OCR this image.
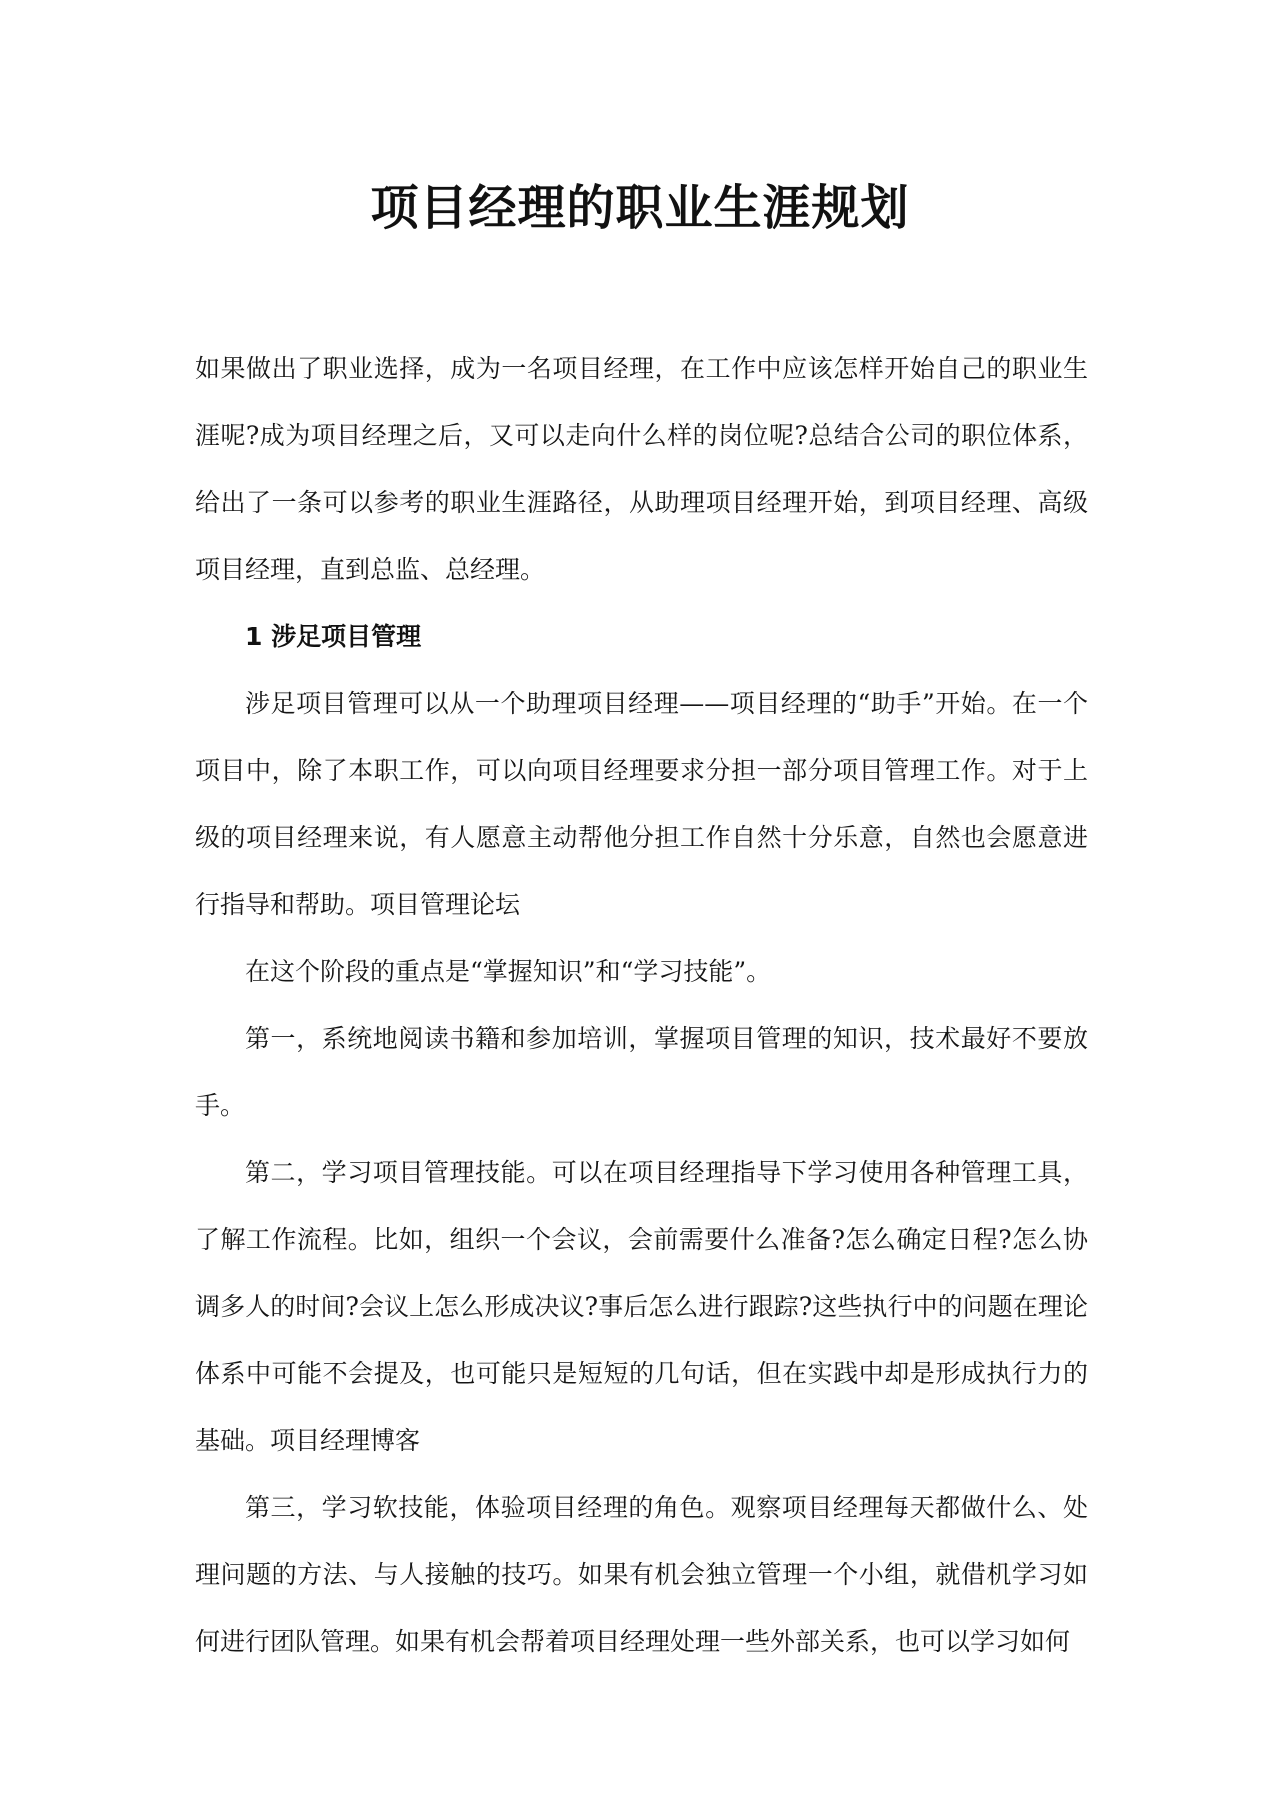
项目经理的职业生涯规划

如果做出了职业选择，成为一名项目经理，在工作中应该怎样开始自己的职业生涯呢?成为项目经理之后，又可以走向什么样的岗位呢?总结合公司的职位体系，给出了一条可以参考的职业生涯路径，从助理项目经理开始，到项目经理、高级项目经理，直到总监、总经理。

1 涉足项目管理

涉足项目管理可以从一个助理项目经理——项目经理的“助手”开始。在一个项目中，除了本职工作，可以向项目经理要求分担一部分项目管理工作。对于上级的项目经理来说，有人愿意主动帮他分担工作自然十分乐意，自然也会愿意进行指导和帮助。项目管理论坛

在这个阶段的重点是“掌握知识”和“学习技能”。

第一，系统地阅读书籍和参加培训，掌握项目管理的知识，技术最好不要放手。

第二，学习项目管理技能。可以在项目经理指导下学习使用各种管理工具，了解工作流程。比如，组织一个会议，会前需要什么准备?怎么确定日程?怎么协调多人的时间?会议上怎么形成决议?事后怎么进行跟踪?这些执行中的问题在理论体系中可能不会提及，也可能只是短短的几句话，但在实践中却是形成执行力的基础。项目经理博客

第三，学习软技能，体验项目经理的角色。观察项目经理每天都做什么、处理问题的方法、与人接触的技巧。如果有机会独立管理一个小组，就借机学习如何进行团队管理。如果有机会帮着项目经理处理一些外部关系，也可以学习如何
